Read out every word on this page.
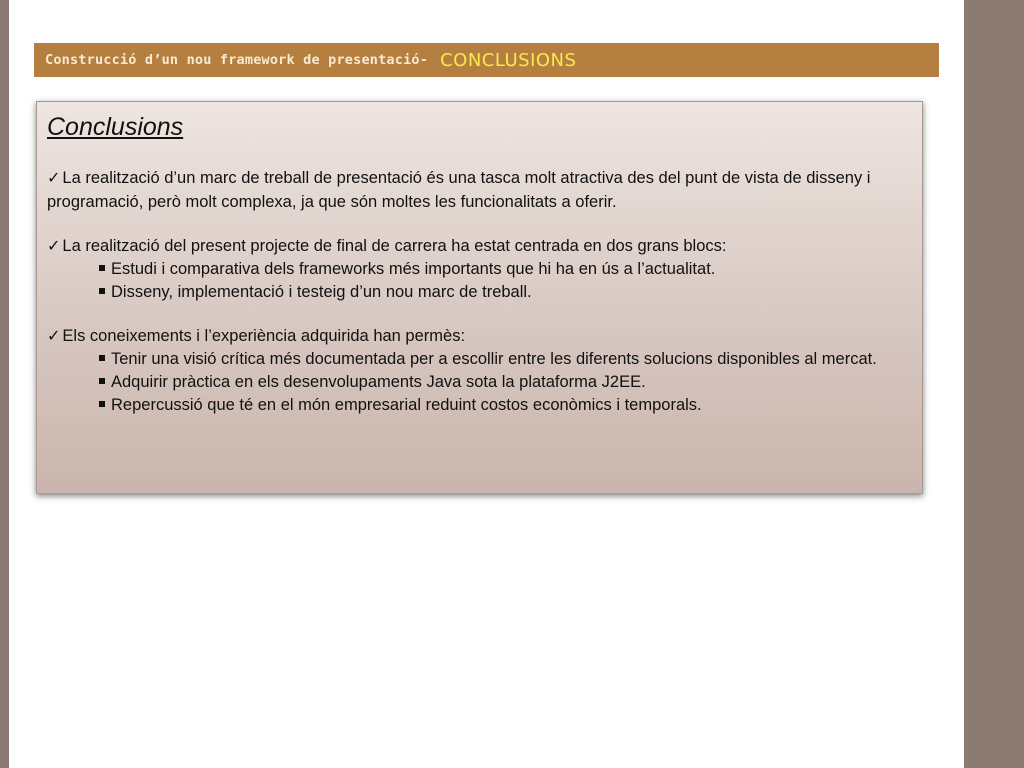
Construcció d’un nou framework de presentació- CONCLUSIONS
Conclusions

✓ La realització d’un marc de treball de presentació és una tasca molt atractiva des del punt de vista de disseny i programació, però molt complexa, ja que són moltes les funcionalitats a oferir.

✓ La realització del present projecte de final de carrera ha estat centrada en dos grans blocs:

Estudi i comparativa dels frameworks més importants que hi ha en ús a l’actualitat.

Disseny, implementació i testeig d’un nou marc de treball.

✓ Els coneixements i l’experiència adquirida han permès:

Tenir una visió crítica més documentada per a escollir entre les diferents solucions disponibles al mercat.

Adquirir pràctica en els desenvolupaments Java sota la plataforma J2EE.

Repercussió que té en el món empresarial reduint costos econòmics i temporals.
